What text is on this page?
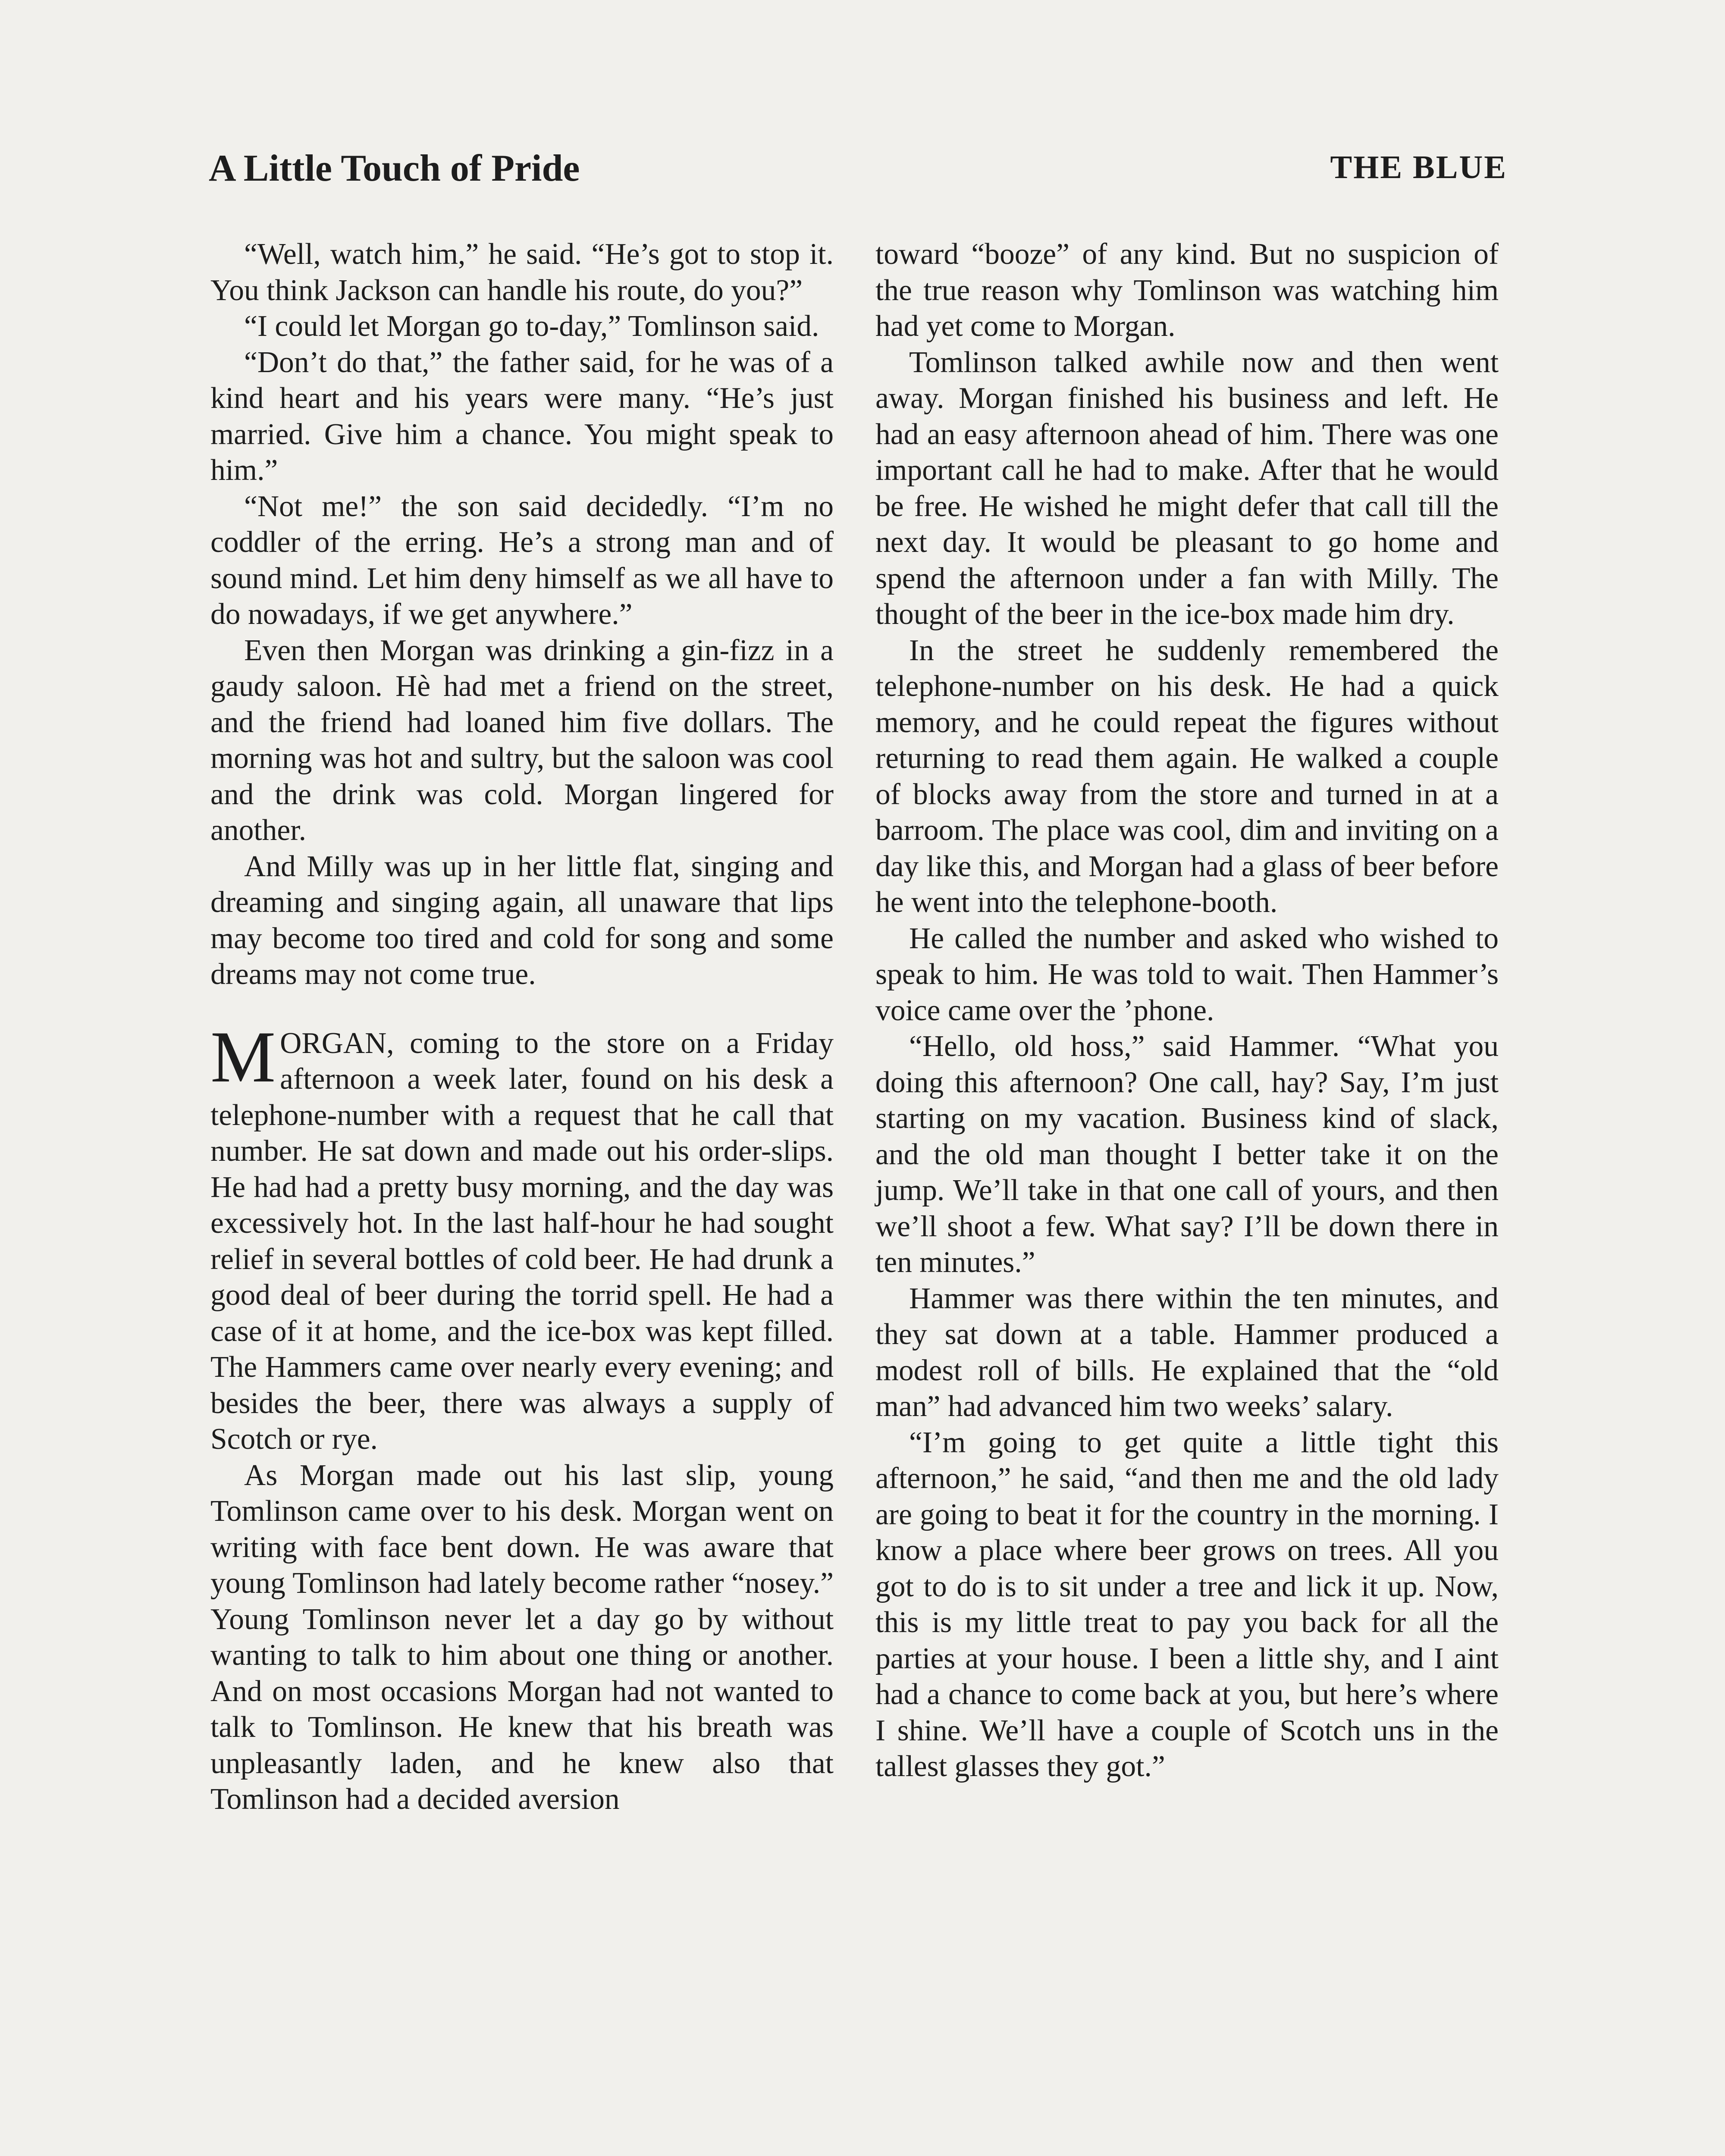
A Little Touch of Pride	THE BLUE

“Well, watch him,” he said. “He’s got to stop it. You think Jackson can handle his route, do you?”

“I could let Morgan go to-day,” Tomlinson said.

“Don’t do that,” the father said, for he was of a kind heart and his years were many. “He’s just married. Give him a chance. You might speak to him.”

“Not me!” the son said decidedly. “I’m no coddler of the erring. He’s a strong man and of sound mind. Let him deny himself as we all have to do nowadays, if we get anywhere.”

Even then Morgan was drinking a gin-fizz in a gaudy saloon. Hè had met a friend on the street, and the friend had loaned him five dollars. The morning was hot and sultry, but the saloon was cool and the drink was cold. Morgan lingered for another.

And Milly was up in her little flat, singing and dreaming and singing again, all unaware that lips may become too tired and cold for song and some dreams may not come true.

MORGAN, coming to the store on a Friday afternoon a week later, found on his desk a telephone-number with a request that he call that number. He sat down and made out his order-slips. He had had a pretty busy morning, and the day was excessively hot. In the last half-hour he had sought relief in several bottles of cold beer. He had drunk a good deal of beer during the torrid spell. He had a case of it at home, and the ice-box was kept filled. The Hammers came over nearly every evening; and besides the beer, there was always a supply of Scotch or rye.

As Morgan made out his last slip, young Tomlinson came over to his desk. Morgan went on writing with face bent down. He was aware that young Tomlinson had lately become rather “nosey.” Young Tomlinson never let a day go by without wanting to talk to him about one thing or another. And on most occasions Morgan had not wanted to talk to Tomlinson. He knew that his breath was unpleasantly laden, and he knew also that Tomlinson had a decided aversion

toward “booze” of any kind. But no suspicion of the true reason why Tomlinson was watching him had yet come to Morgan.

Tomlinson talked awhile now and then went away. Morgan finished his business and left. He had an easy afternoon ahead of him. There was one important call he had to make. After that he would be free. He wished he might defer that call till the next day. It would be pleasant to go home and spend the afternoon under a fan with Milly. The thought of the beer in the ice-box made him dry.

In the street he suddenly remembered the telephone-number on his desk. He had a quick memory, and he could repeat the figures without returning to read them again. He walked a couple of blocks away from the store and turned in at a barroom. The place was cool, dim and inviting on a day like this, and Morgan had a glass of beer before he went into the telephone-booth.

He called the number and asked who wished to speak to him. He was told to wait. Then Hammer’s voice came over the ’phone.

“Hello, old hoss,” said Hammer. “What you doing this afternoon? One call, hay? Say, I’m just starting on my vacation. Business kind of slack, and the old man thought I better take it on the jump. We’ll take in that one call of yours, and then we’ll shoot a few. What say? I’ll be down there in ten minutes.”

Hammer was there within the ten minutes, and they sat down at a table. Hammer produced a modest roll of bills. He explained that the “old man” had advanced him two weeks’ salary.

“I’m going to get quite a little tight this afternoon,” he said, “and then me and the old lady are going to beat it for the country in the morning. I know a place where beer grows on trees. All you got to do is to sit under a tree and lick it up. Now, this is my little treat to pay you back for all the parties at your house. I been a little shy, and I aint had a chance to come back at you, but here’s where I shine. We’ll have a couple of Scotch uns in the tallest glasses they got.”
